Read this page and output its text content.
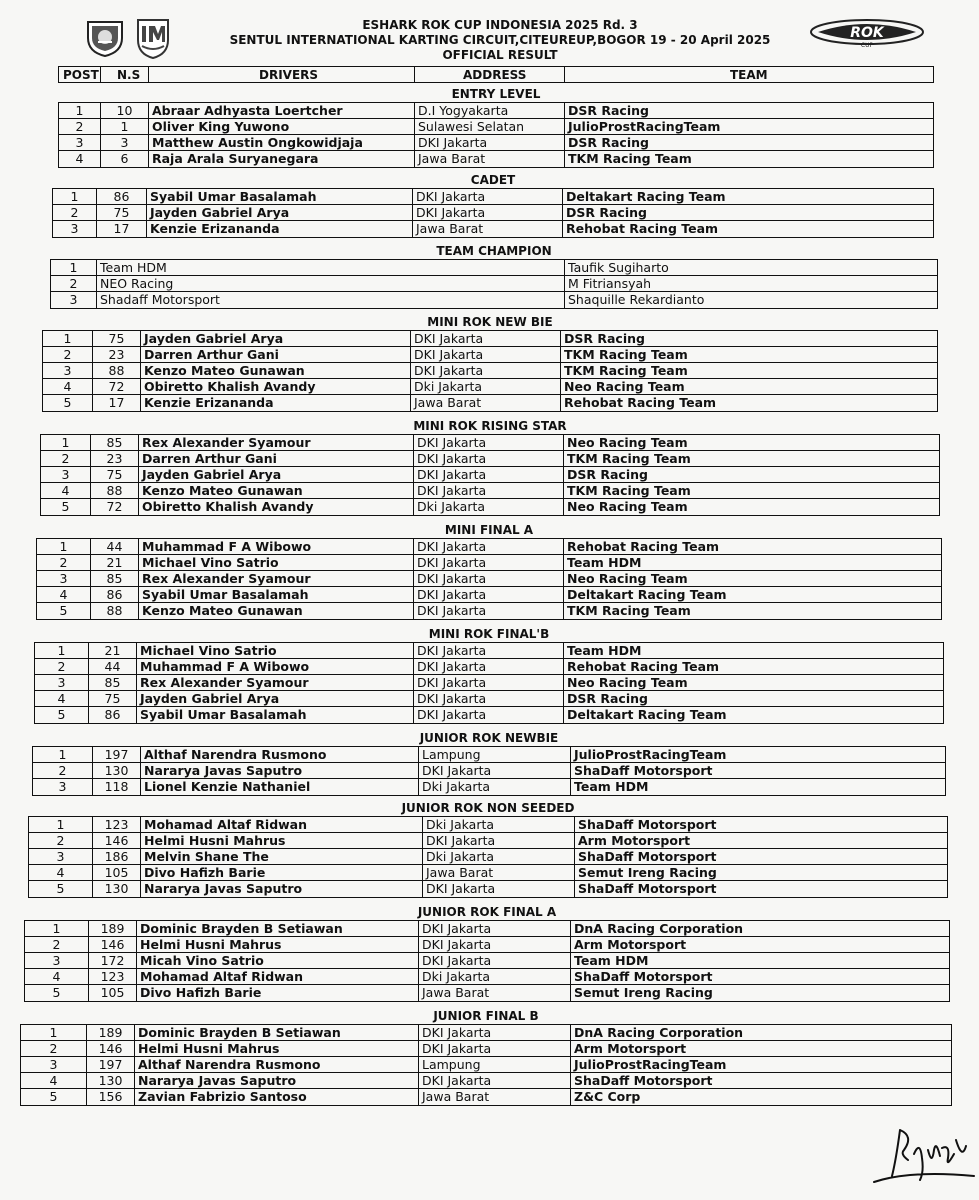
ESHARK ROK CUP INDONESIA 2025 Rd. 3
SENTUL INTERNATIONAL KARTING CIRCUIT,CITEUREUP,BOGOR 19 - 20 April 2025
OFFICIAL RESULT
ROK
CUP
POST	N.S	DRIVERS	ADDRESS	TEAM
ENTRY LEVEL
1	10	Abraar Adhyasta Loertcher	D.I Yogyakarta	DSR Racing
2	1	Oliver King Yuwono	Sulawesi Selatan	JulioProstRacingTeam
3	3	Matthew Austin Ongkowidjaja	DKI Jakarta	DSR Racing
4	6	Raja Arala Suryanegara	Jawa Barat	TKM Racing Team
CADET
1	86	Syabil Umar Basalamah	DKI Jakarta	Deltakart Racing Team
2	75	Jayden Gabriel Arya	DKI Jakarta	DSR Racing
3	17	Kenzie Erizananda	Jawa Barat	Rehobat Racing Team
TEAM CHAMPION
1	Team HDM	Taufik Sugiharto
2	NEO Racing	M Fitriansyah
3	Shadaff Motorsport	Shaquille Rekardianto
MINI ROK NEW BIE
1	75	Jayden Gabriel Arya	DKI Jakarta	DSR Racing
2	23	Darren Arthur Gani	DKI Jakarta	TKM Racing Team
3	88	Kenzo Mateo Gunawan	DKI Jakarta	TKM Racing Team
4	72	Obiretto Khalish Avandy	Dki Jakarta	Neo Racing Team
5	17	Kenzie Erizananda	Jawa Barat	Rehobat Racing Team
MINI ROK RISING STAR
1	85	Rex Alexander Syamour	DKI Jakarta	Neo Racing Team
2	23	Darren Arthur Gani	DKI Jakarta	TKM Racing Team
3	75	Jayden Gabriel Arya	DKI Jakarta	DSR Racing
4	88	Kenzo Mateo Gunawan	DKI Jakarta	TKM Racing Team
5	72	Obiretto Khalish Avandy	Dki Jakarta	Neo Racing Team
MINI FINAL A
1	44	Muhammad F A Wibowo	DKI Jakarta	Rehobat Racing Team
2	21	Michael Vino Satrio	DKI Jakarta	Team HDM
3	85	Rex Alexander Syamour	DKI Jakarta	Neo Racing Team
4	86	Syabil Umar Basalamah	DKI Jakarta	Deltakart Racing Team
5	88	Kenzo Mateo Gunawan	DKI Jakarta	TKM Racing Team
MINI ROK FINAL'B
1	21	Michael Vino Satrio	DKI Jakarta	Team HDM
2	44	Muhammad F A Wibowo	DKI Jakarta	Rehobat Racing Team
3	85	Rex Alexander Syamour	DKI Jakarta	Neo Racing Team
4	75	Jayden Gabriel Arya	DKI Jakarta	DSR Racing
5	86	Syabil Umar Basalamah	DKI Jakarta	Deltakart Racing Team
JUNIOR ROK NEWBIE
1	197	Althaf Narendra Rusmono	Lampung	JulioProstRacingTeam
2	130	Nararya Javas Saputro	DKI Jakarta	ShaDaff Motorsport
3	118	Lionel Kenzie Nathaniel	Dki Jakarta	Team HDM
JUNIOR ROK NON SEEDED
1	123	Mohamad Altaf Ridwan	Dki Jakarta	ShaDaff Motorsport
2	146	Helmi Husni Mahrus	DKI Jakarta	Arm Motorsport
3	186	Melvin Shane The	Dki Jakarta	ShaDaff Motorsport
4	105	Divo Hafizh Barie	Jawa Barat	Semut Ireng Racing
5	130	Nararya Javas Saputro	DKI Jakarta	ShaDaff Motorsport
JUNIOR ROK FINAL A
1	189	Dominic Brayden B Setiawan	DKI Jakarta	DnA Racing Corporation
2	146	Helmi Husni Mahrus	DKI Jakarta	Arm Motorsport
3	172	Micah Vino Satrio	DKI Jakarta	Team HDM
4	123	Mohamad Altaf Ridwan	Dki Jakarta	ShaDaff Motorsport
5	105	Divo Hafizh Barie	Jawa Barat	Semut Ireng Racing
JUNIOR FINAL B
1	189	Dominic Brayden B Setiawan	DKI Jakarta	DnA Racing Corporation
2	146	Helmi Husni Mahrus	DKI Jakarta	Arm Motorsport
3	197	Althaf Narendra Rusmono	Lampung	JulioProstRacingTeam
4	130	Nararya Javas Saputro	DKI Jakarta	ShaDaff Motorsport
5	156	Zavian Fabrizio Santoso	Jawa Barat	Z&C Corp
